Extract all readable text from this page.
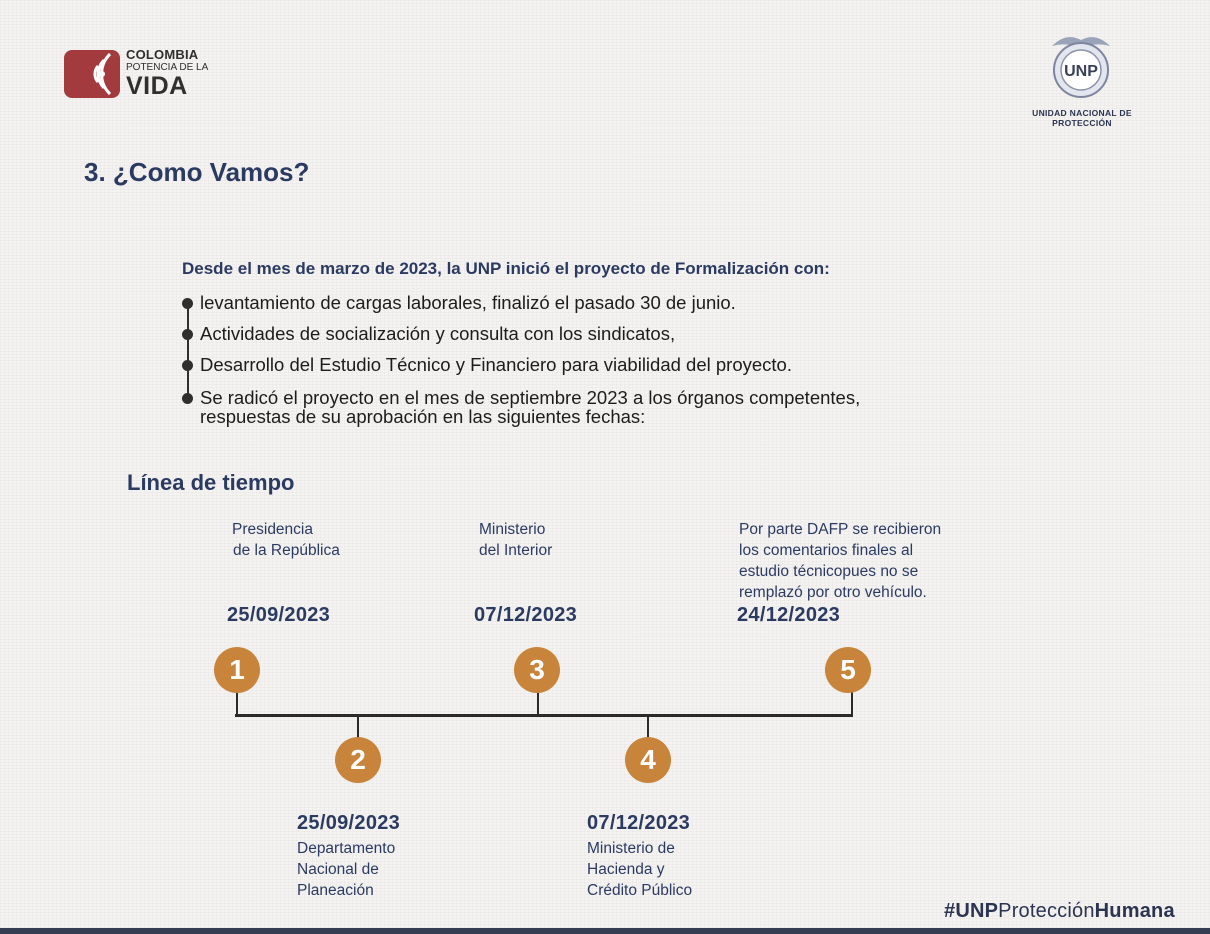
COLOMBIA
POTENCIA DE LA
VIDA
UNP
UNIDAD NACIONAL DE PROTECCIÓN
3. ¿Como Vamos?
Desde el mes de marzo de 2023, la UNP inició el proyecto de Formalización con:
levantamiento de cargas laborales, finalizó el pasado 30 de junio.
Actividades de socialización y consulta con los sindicatos,
Desarrollo del Estudio Técnico y Financiero para viabilidad del proyecto.
Se radicó el proyecto en el mes de septiembre 2023 a los órganos competentes,
respuestas de su aprobación en las siguientes fechas:
Línea de tiempo
Presidencia
de la República
Ministerio
del Interior
Por parte DAFP se recibieron
los comentarios finales al
estudio técnicopues no se
remplazó por otro vehículo.
25/09/2023	07/12/2023	24/12/2023
1	3	5
2	4
25/09/2023
Departamento
Nacional de
Planeación
07/12/2023
Ministerio de
Hacienda y
Crédito Público
#UNPProtecciónHumana
